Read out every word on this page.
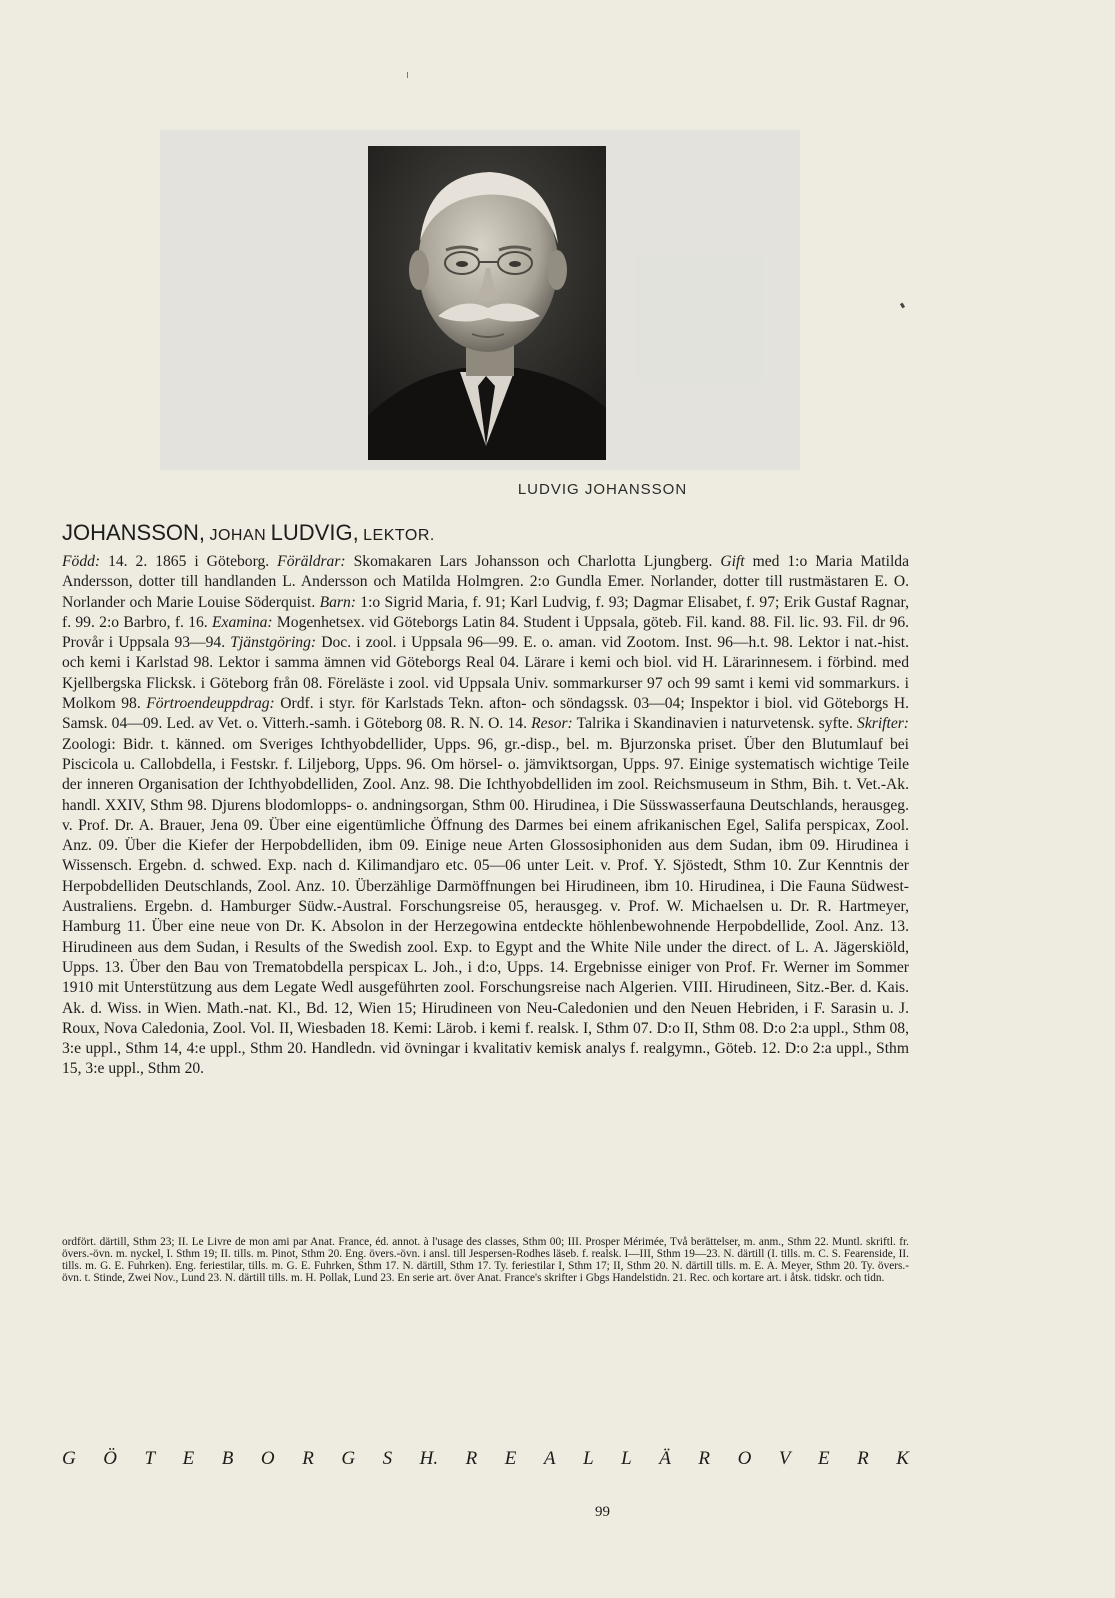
LUDVIG JOHANSSON
JOHANSSON, JOHAN LUDVIG, LEKTOR.
Född: 14. 2. 1865 i Göteborg. Föräldrar: Skomakaren Lars Johansson och Charlotta Ljungberg. Gift med 1:o Maria Matilda Andersson, dotter till handlanden L. Andersson och Matilda Holmgren. 2:o Gundla Emer. Norlander, dotter till rustmästaren E. O. Norlander och Marie Louise Söderquist. Barn: 1:o Sigrid Maria, f. 91; Karl Ludvig, f. 93; Dagmar Elisabet, f. 97; Erik Gustaf Ragnar, f. 99. 2:o Barbro, f. 16. Examina: Mogenhetsex. vid Göteborgs Latin 84. Student i Uppsala, göteb. Fil. kand. 88. Fil. lic. 93. Fil. dr 96. Provår i Uppsala 93—94. Tjänstgöring: Doc. i zool. i Uppsala 96—99. E. o. aman. vid Zootom. Inst. 96—h.t. 98. Lektor i nat.-hist. och kemi i Karlstad 98. Lektor i samma ämnen vid Göteborgs Real 04. Lärare i kemi och biol. vid H. Lärarinnesem. i förbind. med Kjellbergska Flicksk. i Göteborg från 08. Föreläste i zool. vid Uppsala Univ. sommarkurser 97 och 99 samt i kemi vid sommarkurs. i Molkom 98. Förtroendeuppdrag: Ordf. i styr. för Karlstads Tekn. afton- och söndagssk. 03—04; Inspektor i biol. vid Göteborgs H. Samsk. 04—09. Led. av Vet. o. Vitterh.-samh. i Göteborg 08. R. N. O. 14. Resor: Talrika i Skandinavien i naturvetensk. syfte. Skrifter: Zoologi: Bidr. t. känned. om Sveriges Ichthyobdellider, Upps. 96, gr.-disp., bel. m. Bjurzonska priset. Über den Blutumlauf bei Piscicola u. Callobdella, i Festskr. f. Liljeborg, Upps. 96. Om hörsel- o. jämviktsorgan, Upps. 97. Einige systematisch wichtige Teile der inneren Organisation der Ichthyobdelliden, Zool. Anz. 98. Die Ichthyobdelliden im zool. Reichsmuseum in Sthm, Bih. t. Vet.-Ak. handl. XXIV, Sthm 98. Djurens blodomlopps- o. andningsorgan, Sthm 00. Hirudinea, i Die Süsswasserfauna Deutschlands, herausgeg. v. Prof. Dr. A. Brauer, Jena 09. Über eine eigentümliche Öffnung des Darmes bei einem afrikanischen Egel, Salifa perspicax, Zool. Anz. 09. Über die Kiefer der Herpobdelliden, ibm 09. Einige neue Arten Glossosiphoniden aus dem Sudan, ibm 09. Hirudinea i Wissensch. Ergebn. d. schwed. Exp. nach d. Kilimandjaro etc. 05—06 unter Leit. v. Prof. Y. Sjöstedt, Sthm 10. Zur Kenntnis der Herpobdelliden Deutschlands, Zool. Anz. 10. Überzählige Darmöffnungen bei Hirudineen, ibm 10. Hirudinea, i Die Fauna Südwest-Australiens. Ergebn. d. Hamburger Südw.-Austral. Forschungsreise 05, herausgeg. v. Prof. W. Michaelsen u. Dr. R. Hartmeyer, Hamburg 11. Über eine neue von Dr. K. Absolon in der Herzegowina entdeckte höhlenbewohnende Herpobdellide, Zool. Anz. 13. Hirudineen aus dem Sudan, i Results of the Swedish zool. Exp. to Egypt and the White Nile under the direct. of L. A. Jägerskiöld, Upps. 13. Über den Bau von Trematobdella perspicax L. Joh., i d:o, Upps. 14. Ergebnisse einiger von Prof. Fr. Werner im Sommer 1910 mit Unterstützung aus dem Legate Wedl ausgeführten zool. Forschungsreise nach Algerien. VIII. Hirudineen, Sitz.-Ber. d. Kais. Ak. d. Wiss. in Wien. Math.-nat. Kl., Bd. 12, Wien 15; Hirudineen von Neu-Caledonien und den Neuen Hebriden, i F. Sarasin u. J. Roux, Nova Caledonia, Zool. Vol. II, Wiesbaden 18. Kemi: Lärob. i kemi f. realsk. I, Sthm 07. D:o II, Sthm 08. D:o 2:a uppl., Sthm 08, 3:e uppl., Sthm 14, 4:e uppl., Sthm 20. Handledn. vid övningar i kvalitativ kemisk analys f. realgymn., Göteb. 12. D:o 2:a uppl., Sthm 15, 3:e uppl., Sthm 20.
ordfört. därtill, Sthm 23; II. Le Livre de mon ami par Anat. France, éd. annot. à l'usage des classes, Sthm 00; III. Prosper Mérimée, Två berättelser, m. anm., Sthm 22. Muntl. skriftl. fr. övers.-övn. m. nyckel, I. Sthm 19; II. tills. m. Pinot, Sthm 20. Eng. övers.-övn. i ansl. till Jespersen-Rodhes läseb. f. realsk. I—III, Sthm 19—23. N. därtill (I. tills. m. C. S. Fearenside, II. tills. m. G. E. Fuhrken). Eng. feriestilar, tills. m. G. E. Fuhrken, Sthm 17. N. därtill, Sthm 17. Ty. feriestilar I, Sthm 17; II, Sthm 20. N. därtill tills. m. E. A. Meyer, Sthm 20. Ty. övers.-övn. t. Stinde, Zwei Nov., Lund 23. N. därtill tills. m. H. Pollak, Lund 23. En serie art. över Anat. France's skrifter i Gbgs Handelstidn. 21. Rec. och kortare art. i åtsk. tidskr. och tidn.
G Ö T E B O R G S H. R E A L L Ä R O V E R K
99
